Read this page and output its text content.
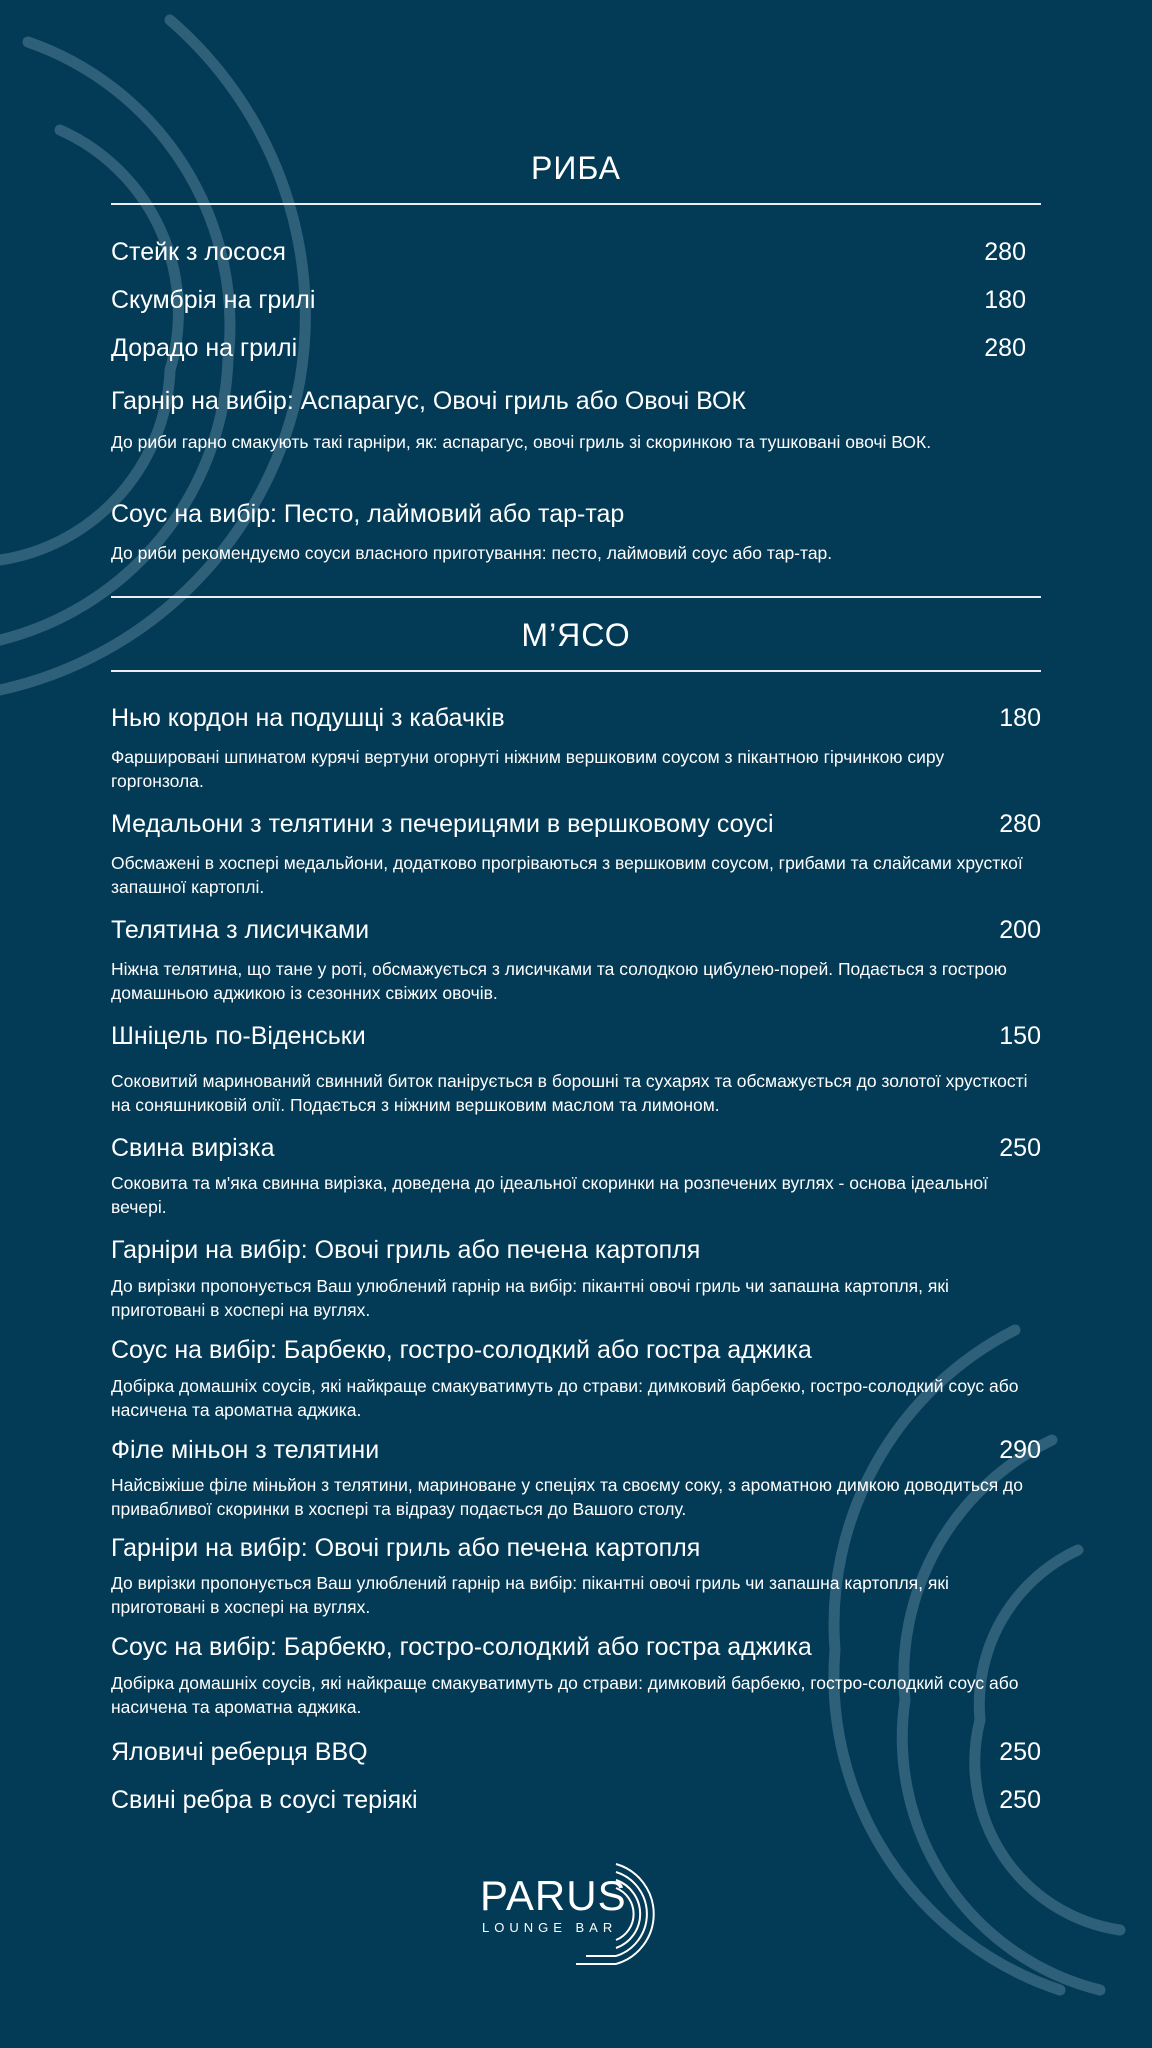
РИБА
Стейк з лосося	280
Скумбрія на грилі	180
Дорадо на грилі	280
Гарнір на вибір: Аспарагус, Овочі гриль або Овочі ВОК
До риби гарно смакують такі гарніри, як: аспарагус, овочі гриль зі скоринкою та тушковані овочі ВОК.
Соус на вибір: Песто, лаймовий або тар-тар
До риби рекомендуємо соуси власного приготування: песто, лаймовий соус або тар-тар.
М’ЯСО
Нью кордон на подушці з кабачків	180
Фаршировані шпинатом курячі вертуни огорнуті ніжним вершковим соусом з пікантною гірчинкою сиру горгонзола.
Медальони з телятини з печерицями в вершковому соусі	280
Обсмажені в хоспері медальйони, додатково прогріваються з вершковим соусом, грибами та слайсами хрусткої запашної картоплі.
Телятина з лисичками	200
Ніжна телятина, що тане у роті, обсмажується з лисичками та солодкою цибулею-порей. Подається з гострою домашньою аджикою із сезонних свіжих овочів.
Шніцель по-Віденськи	150
Соковитий маринований свинний биток панірується в борошні та сухарях та обсмажується до золотої хрусткості на соняшниковій олії. Подається з ніжним вершковим маслом та лимоном.
Свина вирізка	250
Соковита та м'яка свинна вирізка, доведена до ідеальної скоринки на розпечених вуглях - основа ідеальної вечері.
Гарніри на вибір: Овочі гриль або печена картопля
До вирізки пропонується Ваш улюблений гарнір на вибір: пікантні овочі гриль чи запашна картопля, які приготовані в хоспері на вуглях.
Соус на вибір: Барбекю, гостро-солодкий або гостра аджика
Добірка домашніх соусів, які найкраще смакуватимуть до страви: димковий барбекю, гостро-солодкий соус або насичена та ароматна аджика.
Філе міньон з телятини	290
Найсвіжіше філе міньйон з телятини, мариноване у спеціях та своєму соку, з ароматною димкою доводиться до привабливої скоринки в хоспері та відразу подається до Вашого столу.
Гарніри на вибір: Овочі гриль або печена картопля
До вирізки пропонується Ваш улюблений гарнір на вибір: пікантні овочі гриль чи запашна картопля, які приготовані в хоспері на вуглях.
Соус на вибір: Барбекю, гостро-солодкий або гостра аджика
Добірка домашніх соусів, які найкраще смакуватимуть до страви: димковий барбекю, гостро-солодкий соус або насичена та ароматна аджика.
Яловичі реберця BBQ	250
Свині ребра в соусі теріякі	250
PARUS
LOUNGE BAR
